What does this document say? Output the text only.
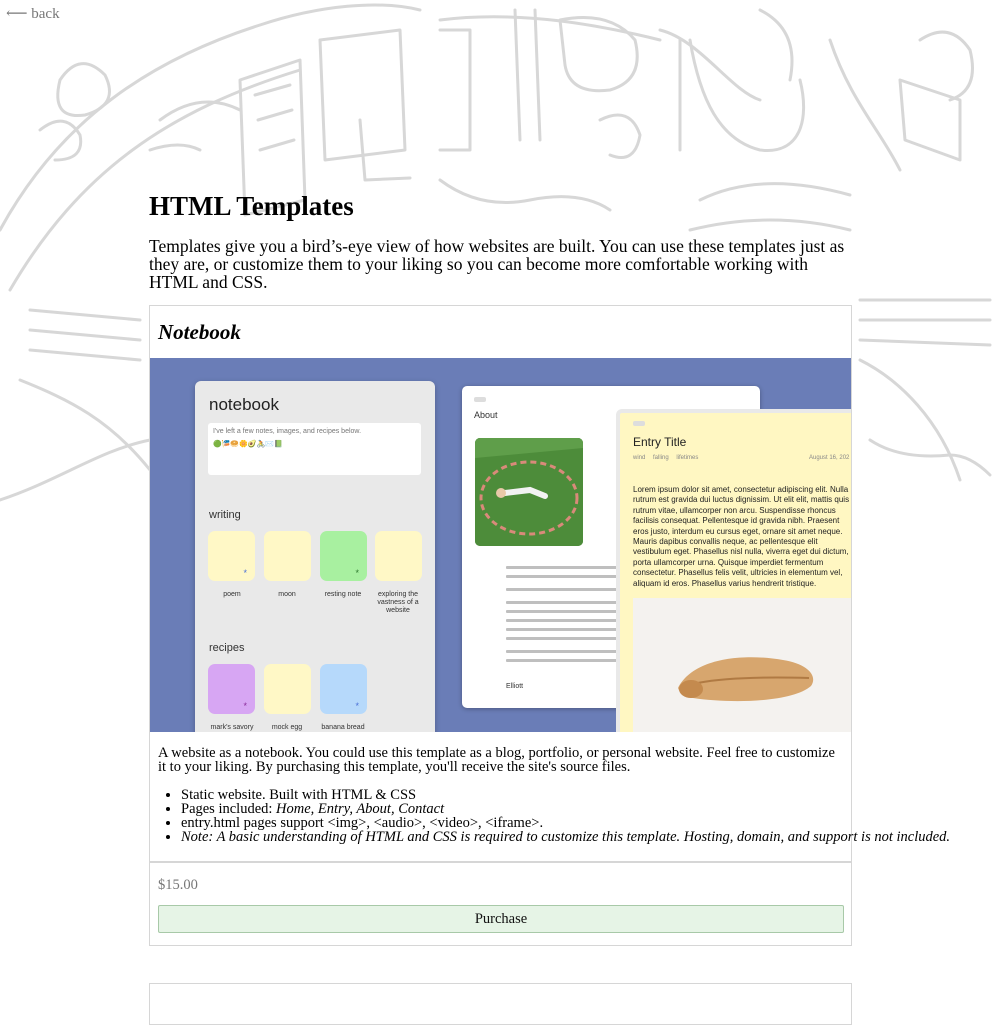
⟵ back
HTML Templates

Templates give you a bird’s-eye view of how websites are built. You can use these templates just as they are, or customize them to your liking so you can become more comfortable working with HTML and CSS.

Notebook
notebook
I've left a few notes, images, and recipes below.
🟢🎏🥯🌼🥑🚴✉️📗
writing
*	*
poem	moon	resting note	exploring the vastness of a website
recipes
*	*
mark's savory	mock egg	banana bread
About
Elliott
Entry Title
wind falling lifetimes	August 16, 202

Lorem ipsum dolor sit amet, consectetur adipiscing elit. Nulla rutrum est gravida dui luctus dignissim. Ut elit elit, mattis quis rutrum vitae, ullamcorper non arcu. Suspendisse rhoncus facilisis consequat. Pellentesque id gravida nibh. Praesent eros justo, interdum eu cursus eget, ornare sit amet neque. Mauris dapibus convallis neque, ac pellentesque elit vestibulum eget. Phasellus nisl nulla, viverra eget dui dictum, porta ullamcorper urna. Quisque imperdiet fermentum consectetur. Phasellus felis velit, ultricies in elementum vel, aliquam id eros. Phasellus varius hendrerit tristique.

A website as a notebook. You could use this template as a blog, portfolio, or personal website. Feel free to customize it to your liking. By purchasing this template, you'll receive the site's source files.

• Static website. Built with HTML & CSS
• Pages included: Home, Entry, About, Contact
• entry.html pages support <img>, <audio>, <video>, <iframe>.
• Note: A basic understanding of HTML and CSS is required to customize this template. Hosting, domain, and support is not included.
$15.00
Purchase
